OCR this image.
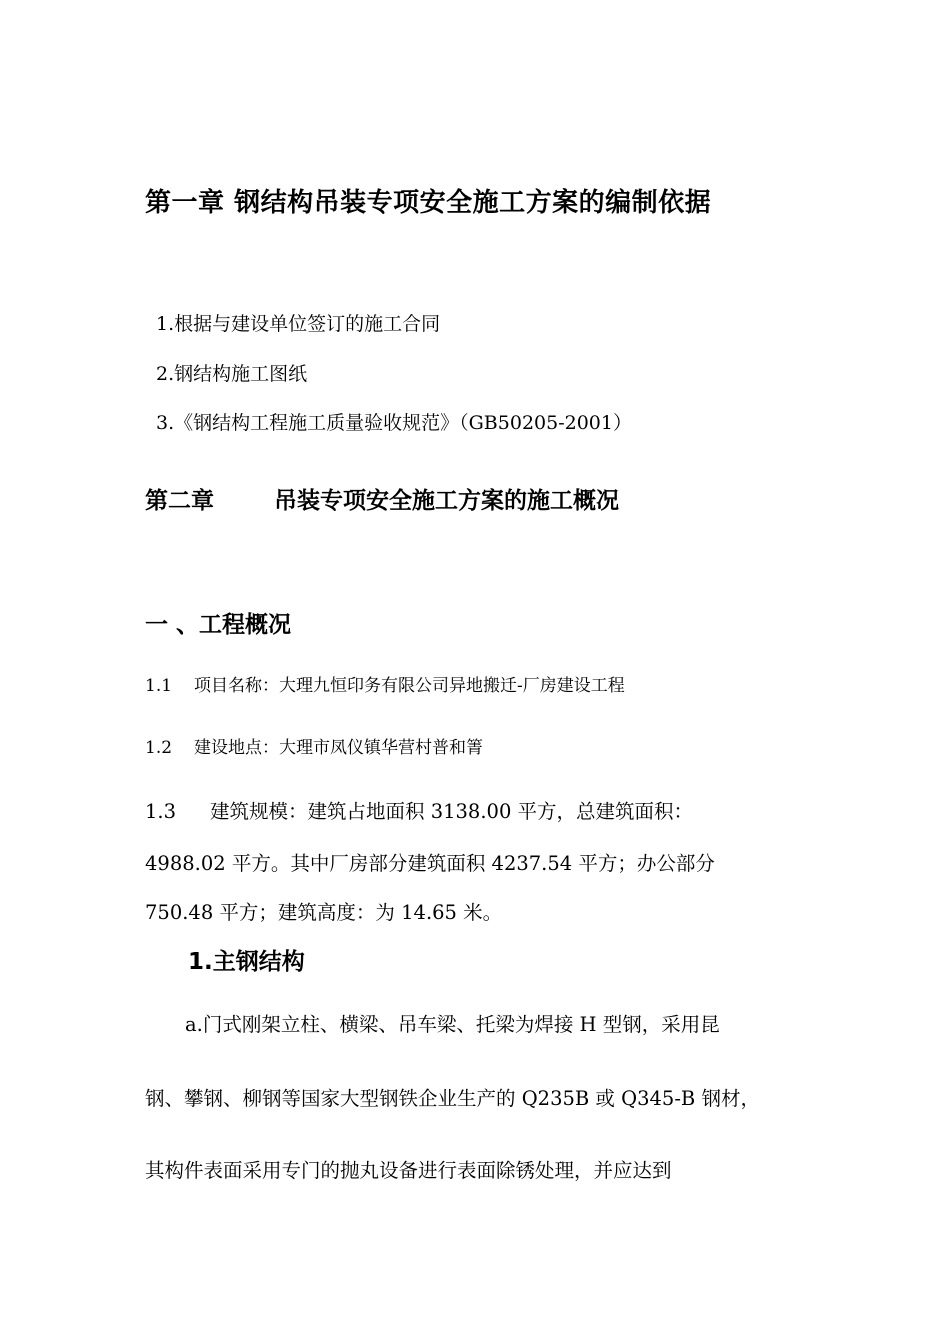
第一章 钢结构吊装专项安全施工方案的编制依据
1.根据与建设单位签订的施工合同
2.钢结构施工图纸
3.《钢结构工程施工质量验收规范》（GB50205-2001）
第二章	吊装专项安全施工方案的施工概况
一 、工程概况
1.1 项目名称：大理九恒印务有限公司异地搬迁-厂房建设工程
1.2 建设地点：大理市凤仪镇华营村普和箐
1.3 建筑规模：建筑占地面积 3138.00 平方，总建筑面积：
4988.02 平方。其中厂房部分建筑面积 4237.54 平方；办公部分
750.48 平方；建筑高度：为 14.65 米。
1.主钢结构
a.门式刚架立柱、横梁、吊车梁、托梁为焊接 H 型钢，采用昆
钢、攀钢、柳钢等国家大型钢铁企业生产的 Q235B 或 Q345-B 钢材，
其构件表面采用专门的抛丸设备进行表面除锈处理，并应达到
